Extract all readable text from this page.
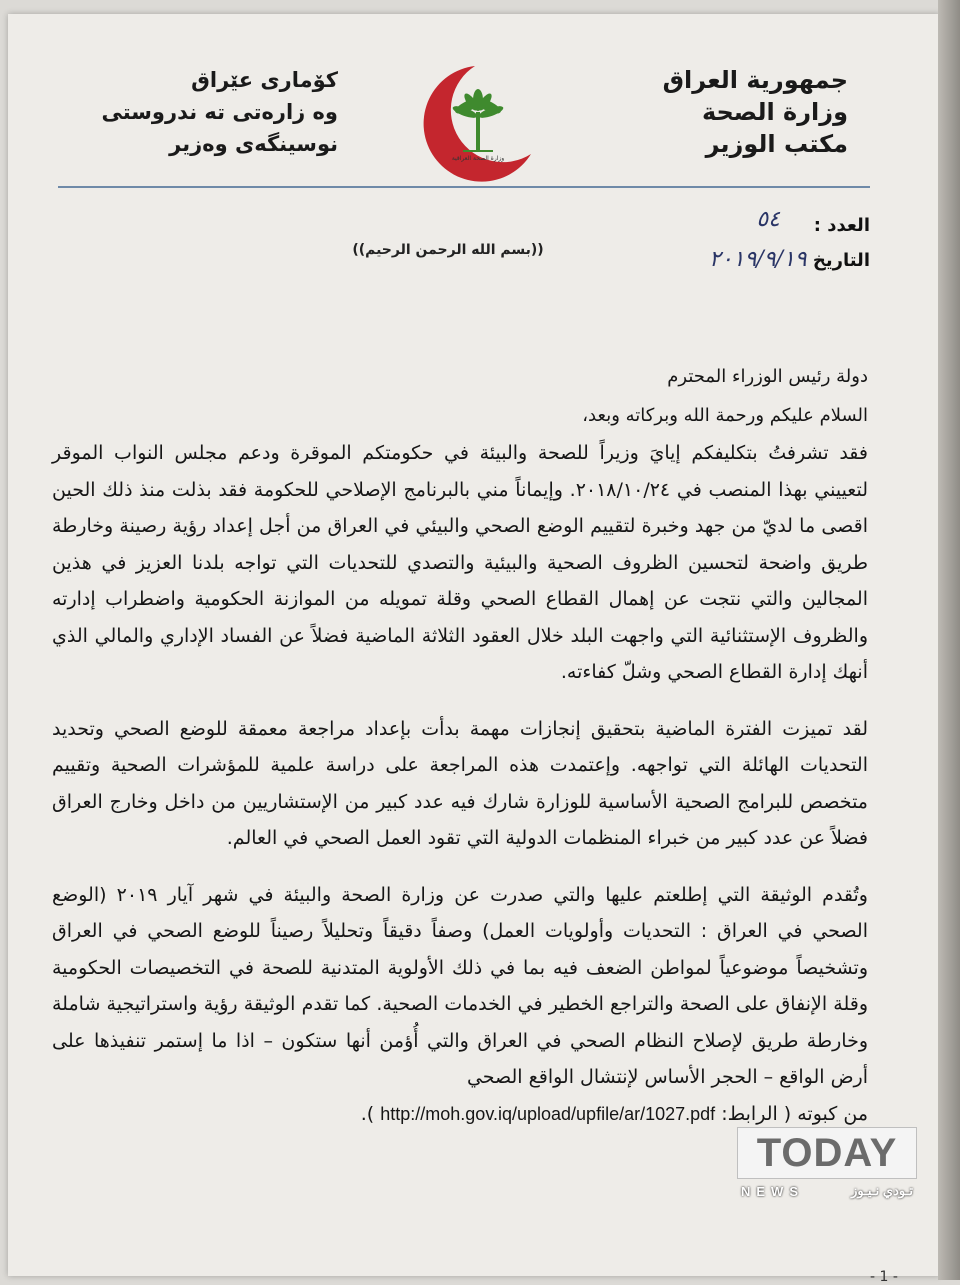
جمهورية العراق
وزارة الصحة
مكتب الوزير
وزارة الصحة العراقية
كۆماری عێراق
وه زارەتی ته ندروستی
نوسینگەی وەزیر
العدد :
٥٤
التاريخ ٢٠١٩/٩/١٩
((بسم الله الرحمن الرحيم))

دولة رئيس الوزراء المحترم

السلام عليكم ورحمة الله وبركاته وبعد،

فقد تشرفتُ بتكليفكم إيايَ وزيراً للصحة والبيئة في حكومتكم الموقرة ودعم مجلس النواب الموقر لتعييني بهذا المنصب في ٢٠١٨/١٠/٢٤. وإيماناً مني بالبرنامج الإصلاحي للحكومة فقد بذلت منذ ذلك الحين اقصى ما لديّ من جهد وخبرة لتقييم الوضع الصحي والبيئي في العراق من أجل إعداد رؤية رصينة وخارطة طريق واضحة لتحسين الظروف الصحية والبيئية والتصدي للتحديات التي تواجه بلدنا العزيز في هذين المجالين والتي نتجت عن إهمال القطاع الصحي وقلة تمويله من الموازنة الحكومية واضطراب إدارته والظروف الإستثنائية التي واجهت البلد خلال العقود الثلاثة الماضية فضلاً عن الفساد الإداري والمالي الذي أنهك إدارة القطاع الصحي وشلّ كفاءته.

لقد تميزت الفترة الماضية بتحقيق إنجازات مهمة بدأت بإعداد مراجعة معمقة للوضع الصحي وتحديد التحديات الهائلة التي تواجهه. وإعتمدت هذه المراجعة على دراسة علمية للمؤشرات الصحية وتقييم متخصص للبرامج الصحية الأساسية للوزارة شارك فيه عدد كبير من الإستشاريين من داخل وخارج العراق فضلاً عن عدد كبير من خبراء المنظمات الدولية التي تقود العمل الصحي في العالم.

وتُقدم الوثيقة التي إطلعتم عليها والتي صدرت عن وزارة الصحة والبيئة في شهر آيار ٢٠١٩ (الوضع الصحي في العراق : التحديات وأولويات العمل) وصفاً دقيقاً وتحليلاً رصيناً للوضع الصحي في العراق وتشخيصاً موضوعياً لمواطن الضعف فيه بما في ذلك الأولوية المتدنية للصحة في التخصيصات الحكومية وقلة الإنفاق على الصحة والتراجع الخطير في الخدمات الصحية. كما تقدم الوثيقة رؤية واستراتيجية شاملة وخارطة طريق لإصلاح النظام الصحي في العراق والتي أُؤمن أنها ستكون – اذا ما إستمر تنفيذها على أرض الواقع – الحجر الأساس لإنتشال الواقع الصحي

من كبوته ( الرابط: http://moh.gov.iq/upload/upfile/ar/1027.pdf ).

- 1 -
TODAY
NEWS	تـودي نـيـوز
